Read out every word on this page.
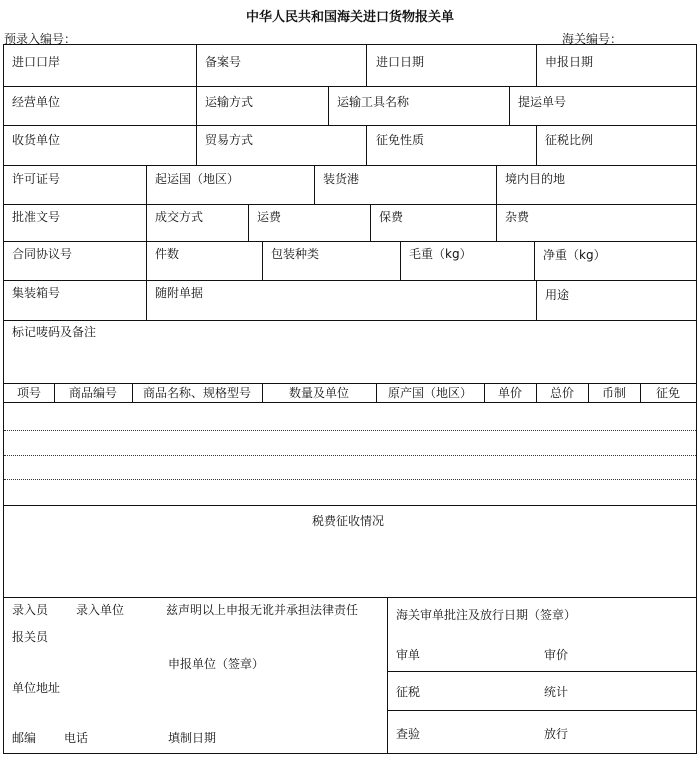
中华人民共和国海关进口货物报关单
预录入编号：	海关编号：
进口口岸	备案号	进口日期	申报日期
经营单位	运输方式	运输工具名称	提运单号
收货单位	贸易方式	征免性质	征税比例
许可证号	起运国（地区）	装货港	境内目的地
批准文号	成交方式	运费	保费	杂费
合同协议号	件数	包装种类	毛重（kg）	净重（kg）
集装箱号	随附单据	用途
标记唛码及备注
项号	商品编号	商品名称、规格型号	数量及单位	原产国（地区）	单价	总价	币制	征免
税费征收情况
录入员 录入单位	兹声明以上申报无讹并承担法律责任
报关员
申报单位（签章）
单位地址
邮编 电话	填制日期
海关审单批注及放行日期（签章）
审单	审价
征税	统计
查验	放行
